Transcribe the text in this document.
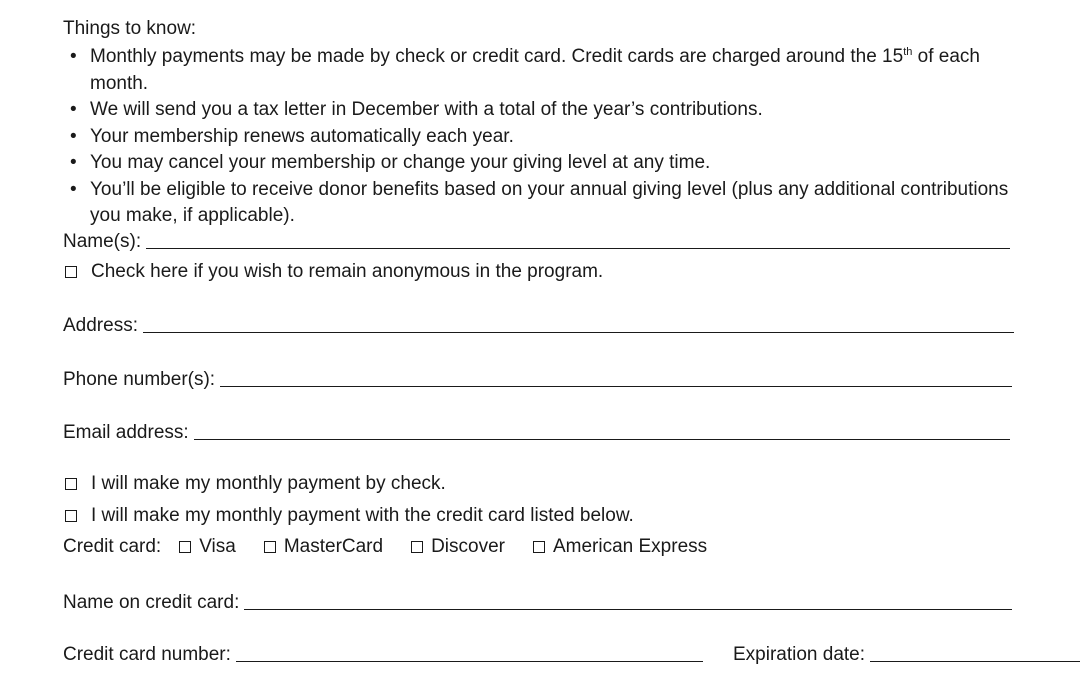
Things to know:
• Monthly payments may be made by check or credit card. Credit cards are charged around the 15th of each month.
• We will send you a tax letter in December with a total of the year’s contributions.
• Your membership renews automatically each year.
• You may cancel your membership or change your giving level at any time.
• You’ll be eligible to receive donor benefits based on your annual giving level (plus any additional contributions you make, if applicable).
Name(s):
Check here if you wish to remain anonymous in the program.
Address:
Phone number(s):
Email address:
I will make my monthly payment by check.
I will make my monthly payment with the credit card listed below.
Credit card: Visa	MasterCard	Discover	American Express
Name on credit card:
Credit card number:	Expiration date:
